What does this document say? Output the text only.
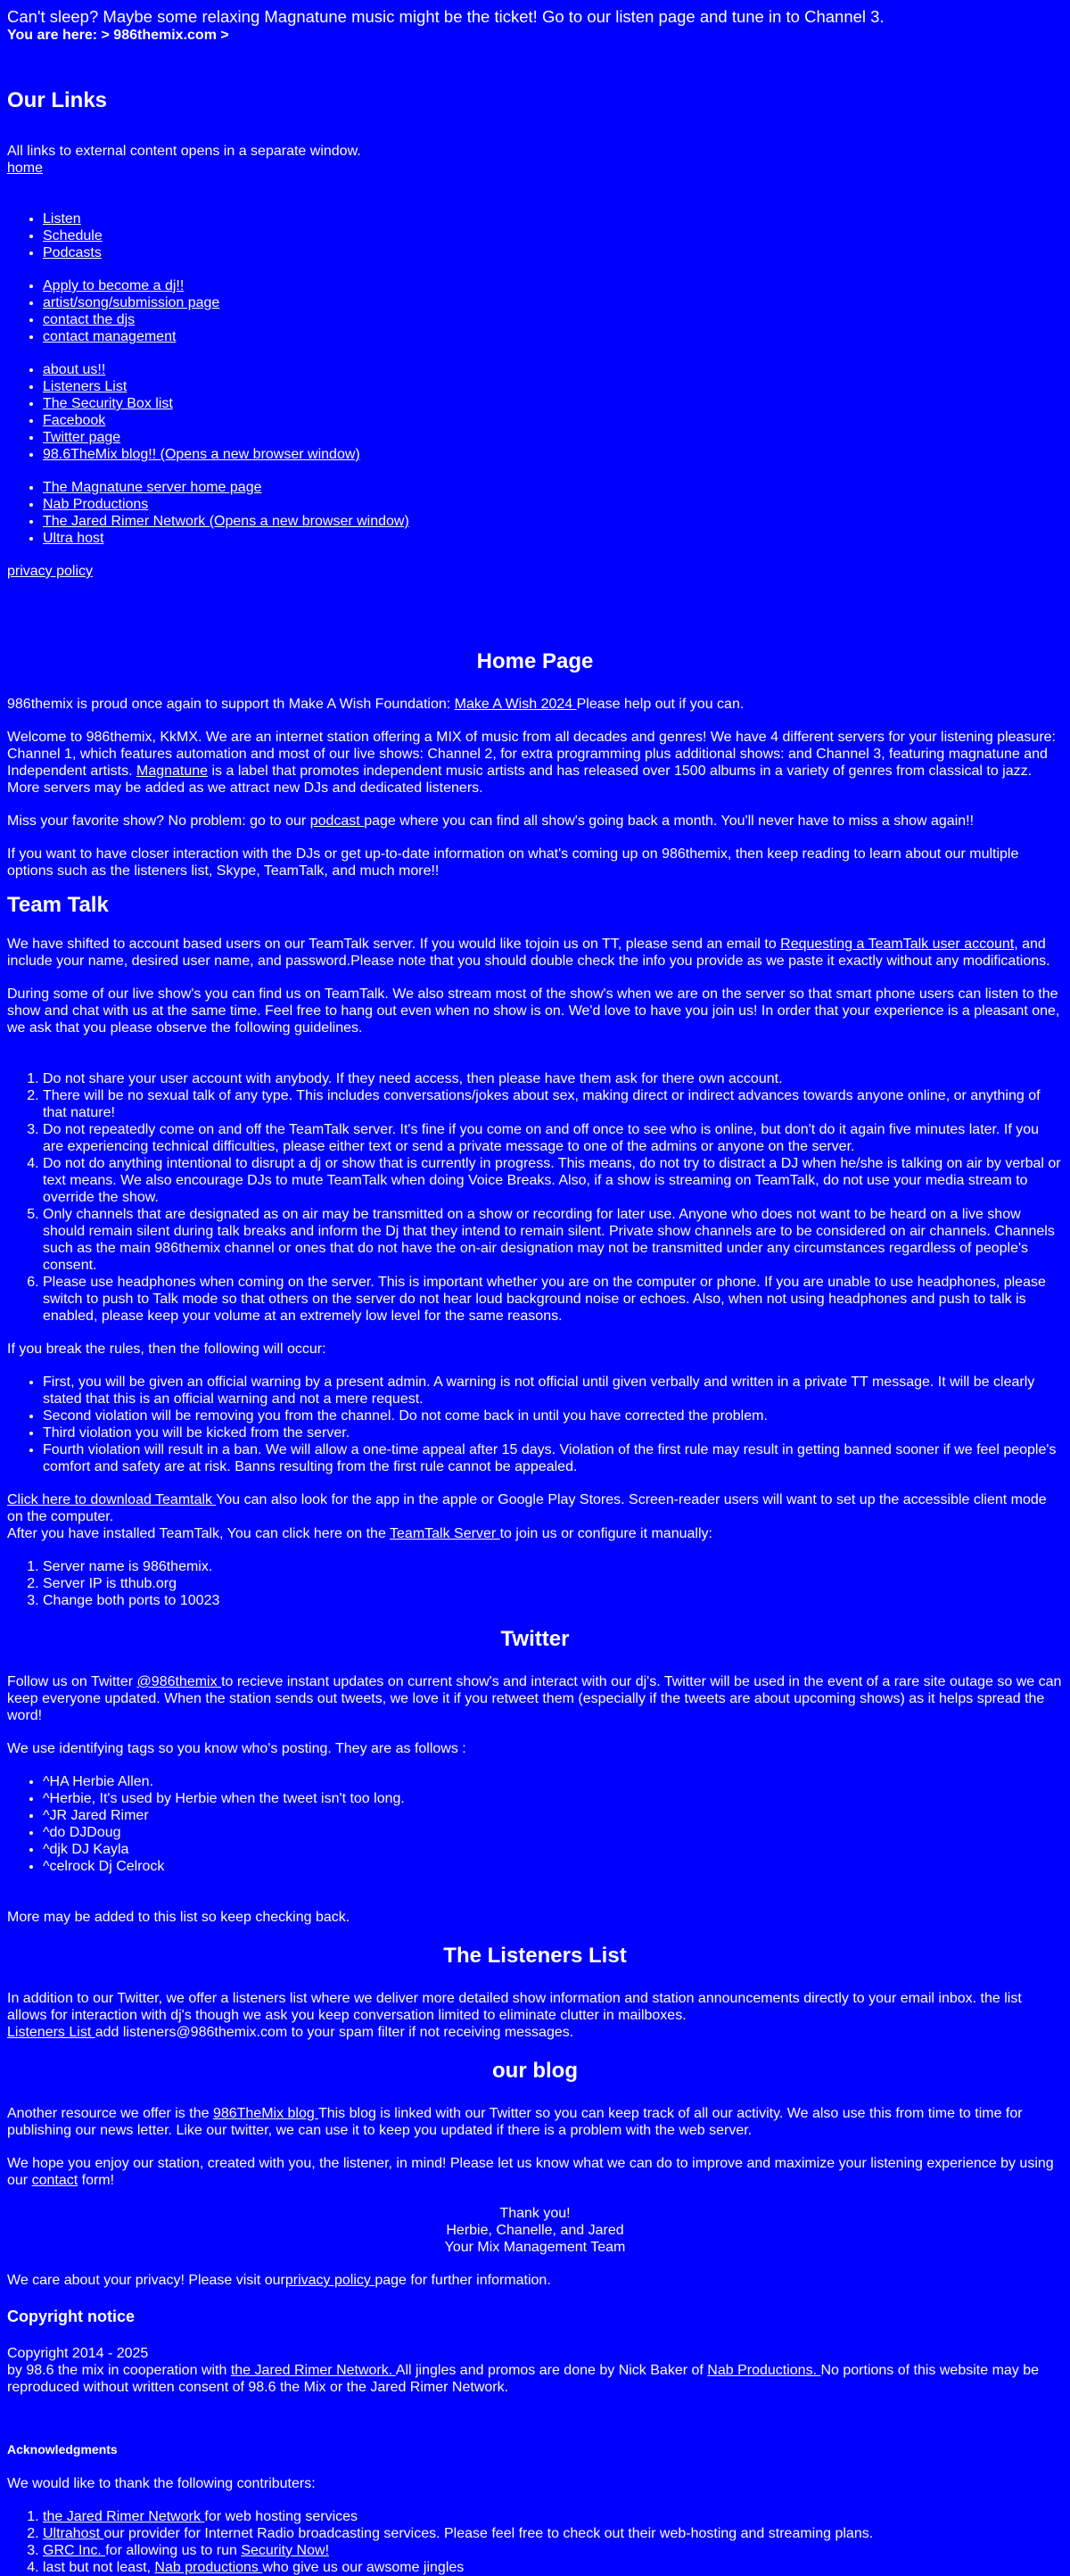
Can't sleep? Maybe some relaxing Magnatune music might be the ticket! Go to our listen page and tune in to Channel 3.

You are here: > 986themix.com >

Our Links

All links to external content opens in a separate window.

home

• Listen
• Schedule
• Podcasts
• Apply to become a dj!!
• artist/song/submission page
• contact the djs
• contact management
• about us!!
• Listeners List
• The Security Box list
• Facebook
• Twitter page
• 98.6TheMix blog!! (Opens a new browser window)
• The Magnatune server home page
• Nab Productions
• The Jared Rimer Network (Opens a new browser window)
• Ultra host

privacy policy

Home Page

986themix is proud once again to support th Make A Wish Foundation: Make A Wish 2024 Please help out if you can.

Welcome to 986themix, KkMX. We are an internet station offering a MIX of music from all decades and genres! We have 4 different servers for your listening pleasure: Channel 1, which features automation and most of our live shows: Channel 2, for extra programming plus additional shows: and Channel 3, featuring magnatune and Independent artists. Magnatune is a label that promotes independent music artists and has released over 1500 albums in a variety of genres from classical to jazz. More servers may be added as we attract new DJs and dedicated listeners.

Miss your favorite show? No problem: go to our podcast page where you can find all show's going back a month. You'll never have to miss a show again!!

If you want to have closer interaction with the DJs or get up-to-date information on what's coming up on 986themix, then keep reading to learn about our multiple options such as the listeners list, Skype, TeamTalk, and much more!!

Team Talk

We have shifted to account based users on our TeamTalk server. If you would like tojoin us on TT, please send an email to Requesting a TeamTalk user account, and include your name, desired user name, and password.Please note that you should double check the info you provide as we paste it exactly without any modifications.

During some of our live show's you can find us on TeamTalk. We also stream most of the show's when we are on the server so that smart phone users can listen to the show and chat with us at the same time. Feel free to hang out even when no show is on. We'd love to have you join us! In order that your experience is a pleasant one, we ask that you please observe the following guidelines.

1. Do not share your user account with anybody. If they need access, then please have them ask for there own account.
2. There will be no sexual talk of any type. This includes conversations/jokes about sex, making direct or indirect advances towards anyone online, or anything of that nature!
3. Do not repeatedly come on and off the TeamTalk server. It's fine if you come on and off once to see who is online, but don't do it again five minutes later. If you are experiencing technical difficulties, please either text or send a private message to one of the admins or anyone on the server.
4. Do not do anything intentional to disrupt a dj or show that is currently in progress. This means, do not try to distract a DJ when he/she is talking on air by verbal or text means. We also encourage DJs to mute TeamTalk when doing Voice Breaks. Also, if a show is streaming on TeamTalk, do not use your media stream to override the show.
5. Only channels that are designated as on air may be transmitted on a show or recording for later use. Anyone who does not want to be heard on a live show should remain silent during talk breaks and inform the Dj that they intend to remain silent. Private show channels are to be considered on air channels. Channels such as the main 986themix channel or ones that do not have the on-air designation may not be transmitted under any circumstances regardless of people's consent.
6. Please use headphones when coming on the server. This is important whether you are on the computer or phone. If you are unable to use headphones, please switch to push to Talk mode so that others on the server do not hear loud background noise or echoes. Also, when not using headphones and push to talk is enabled, please keep your volume at an extremely low level for the same reasons.

If you break the rules, then the following will occur:

• First, you will be given an official warning by a present admin. A warning is not official until given verbally and written in a private TT message. It will be clearly stated that this is an official warning and not a mere request.
• Second violation will be removing you from the channel. Do not come back in until you have corrected the problem.
• Third violation you will be kicked from the server.
• Fourth violation will result in a ban. We will allow a one-time appeal after 15 days. Violation of the first rule may result in getting banned sooner if we feel people's comfort and safety are at risk. Banns resulting from the first rule cannot be appealed.

Click here to download Teamtalk You can also look for the app in the apple or Google Play Stores. Screen-reader users will want to set up the accessible client mode on the computer.

After you have installed TeamTalk, You can click here on the TeamTalk Server to join us or configure it manually:

1. Server name is 986themix.
2. Server IP is tthub.org
3. Change both ports to 10023
Twitter

Follow us on Twitter @986themix to recieve instant updates on current show's and interact with our dj's. Twitter will be used in the event of a rare site outage so we can keep everyone updated. When the station sends out tweets, we love it if you retweet them (especially if the tweets are about upcoming shows) as it helps spread the word!

We use identifying tags so you know who's posting. They are as follows :

• ^HA Herbie Allen.
• ^Herbie, It's used by Herbie when the tweet isn't too long.
• ^JR Jared Rimer
• ^do DJDoug
• ^djk DJ Kayla
• ^celrock Dj Celrock

More may be added to this list so keep checking back.

The Listeners List

In addition to our Twitter, we offer a listeners list where we deliver more detailed show information and station announcements directly to your email inbox. the list allows for interaction with dj's though we ask you keep conversation limited to eliminate clutter in mailboxes.

Listeners List add listeners@986themix.com to your spam filter if not receiving messages.

our blog

Another resource we offer is the 986TheMix blog This blog is linked with our Twitter so you can keep track of all our activity. We also use this from time to time for publishing our news letter. Like our twitter, we can use it to keep you updated if there is a problem with the web server.

We hope you enjoy our station, created with you, the listener, in mind! Please let us know what we can do to improve and maximize your listening experience by using our contact form!

Thank you!

Herbie, Chanelle, and Jared

Your Mix Management Team

We care about your privacy! Please visit ourprivacy policy page for further information.

Copyright notice

Copyright 2014 - 2025

by 98.6 the mix in cooperation with the Jared Rimer Network. All jingles and promos are done by Nick Baker of Nab Productions. No portions of this website may be reproduced without written consent of 98.6 the Mix or the Jared Rimer Network.

Acknowledgments

We would like to thank the following contributers:

1. the Jared Rimer Network for web hosting services
2. Ultrahost our provider for Internet Radio broadcasting services. Please feel free to check out their web-hosting and streaming plans.
3. GRC Inc. for allowing us to run Security Now!
4. last but not least, Nab productions who give us our awsome jingles
